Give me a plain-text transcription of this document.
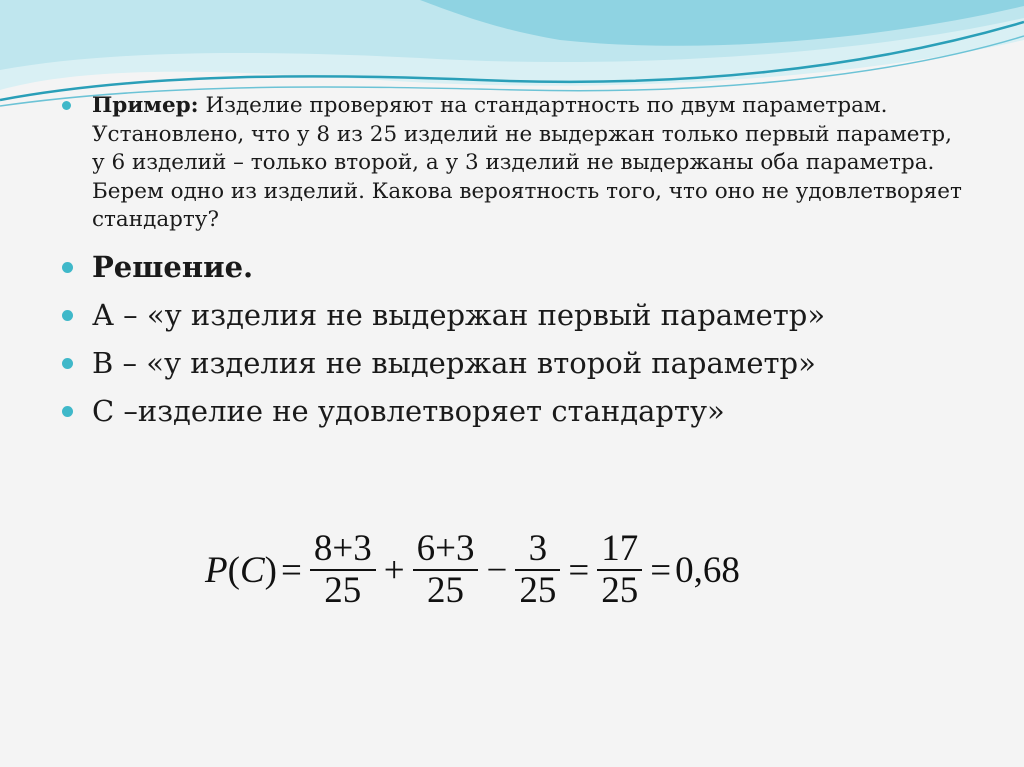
Пример: Изделие проверяют на стандартность по двум параметрам. Установлено, что у 8 из 25 изделий не выдержан только первый параметр, у 6 изделий – только второй, а у 3 изделий не выдержаны оба параметра. Берем одно из изделий. Какова вероятность того, что оно не удовлетворяет стандарту?
Решение.
А – «у изделия не выдержан первый параметр»
В – «у изделия не выдержан второй параметр»
С –изделие не удовлетворяет стандарту»
P ( C ) = $\frac{8+3}{25} + \frac{6+3}{25} - \frac{3}{25} = \frac{17}{25} = 0,68$
